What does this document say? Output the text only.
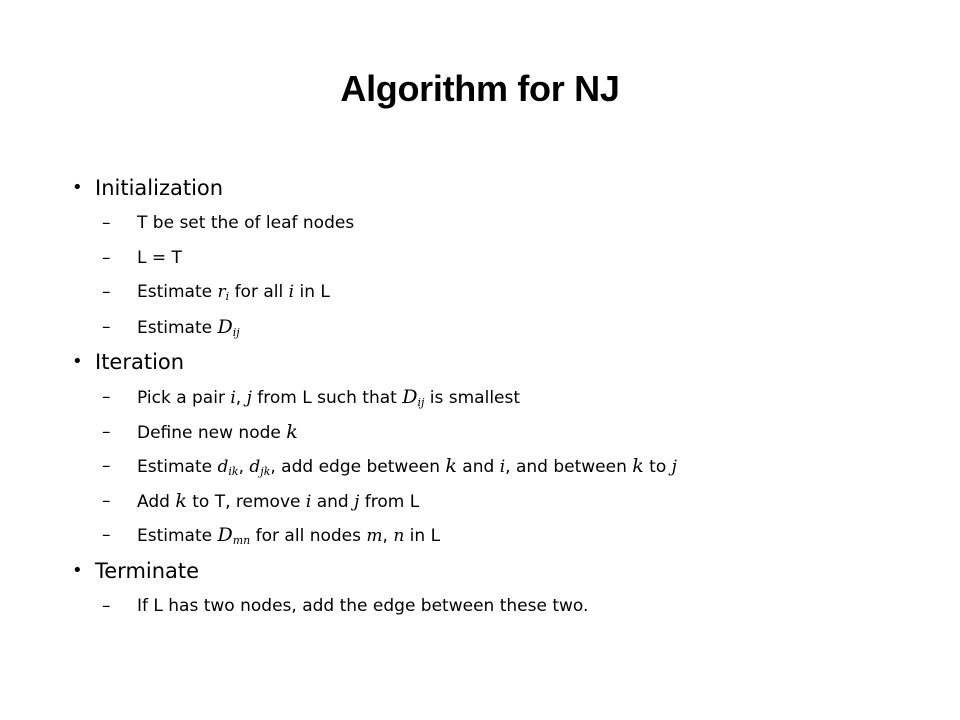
Algorithm for NJ
• Initialization
– T be set the of leaf nodes
– L = T
– Estimate $r_i$ for all i in L
– Estimate $D_{ij}$
• Iteration
– Pick a pair i, j from L such that $D_{ij}$ is smallest
– Define new node k
– Estimate $d_{ik}$, $d_{jk}$, add edge between k and i, and between k to j
– Add k to T, remove i and j from L
– Estimate $D_{mn}$ for all nodes m, n in L
• Terminate
– If L has two nodes, add the edge between these two.
